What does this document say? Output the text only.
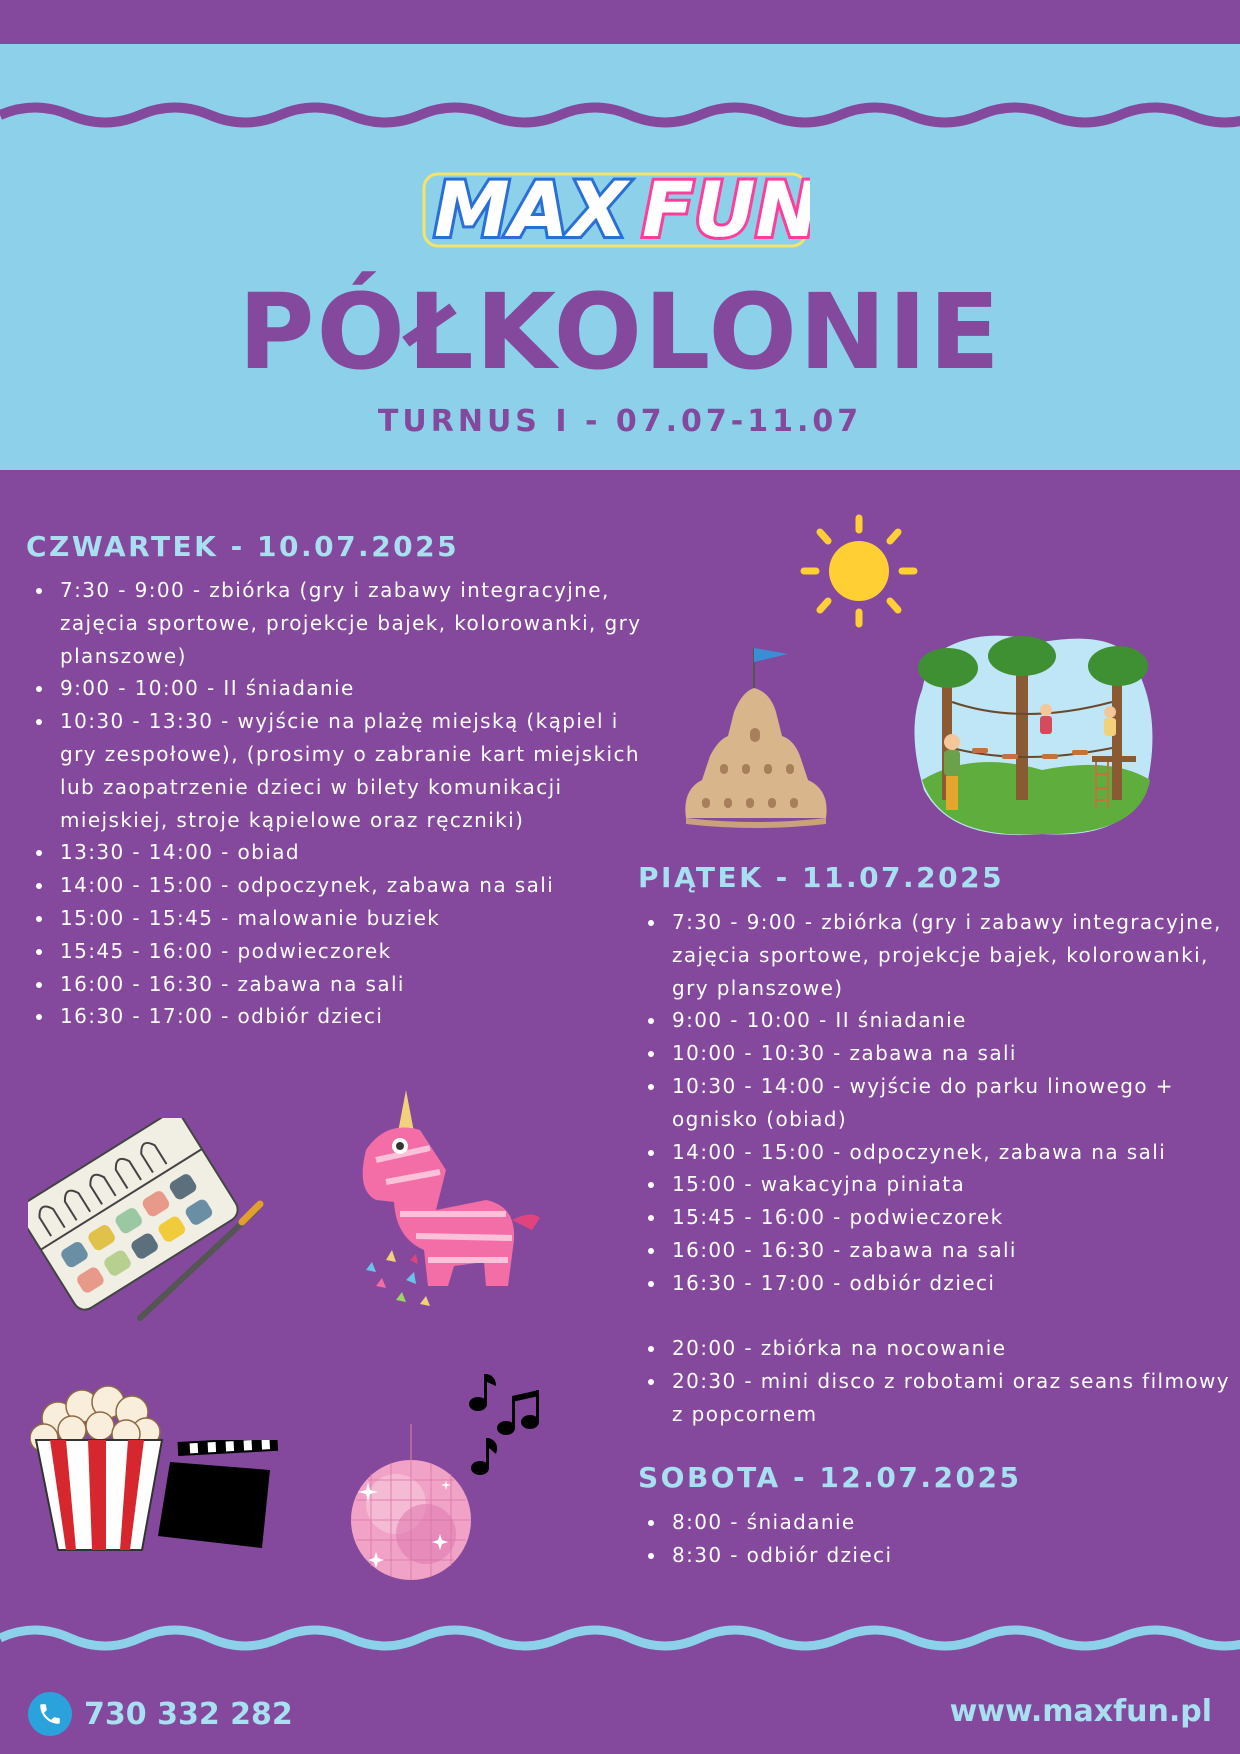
MAX FUN
PÓŁKOLONIE
TURNUS I - 07.07-11.07
CZWARTEK - 10.07.2025
7:30 - 9:00 - zbiórka (gry i zabawy integracyjne, zajęcia sportowe, projekcje bajek, kolorowanki, gry planszowe)
9:00 - 10:00 - II śniadanie
10:30 - 13:30 - wyjście na plażę miejską (kąpiel i gry zespołowe), (prosimy o zabranie kart miejskich lub zaopatrzenie dzieci w bilety komunikacji miejskiej, stroje kąpielowe oraz ręczniki)
13:30 - 14:00 - obiad
14:00 - 15:00 - odpoczynek, zabawa na sali
15:00 - 15:45 - malowanie buziek
15:45 - 16:00 - podwieczorek
16:00 - 16:30 - zabawa na sali
16:30 - 17:00 - odbiór dzieci
PIĄTEK - 11.07.2025
7:30 - 9:00 - zbiórka (gry i zabawy integracyjne, zajęcia sportowe, projekcje bajek, kolorowanki, gry planszowe)
9:00 - 10:00 - II śniadanie
10:00 - 10:30 - zabawa na sali
10:30 - 14:00 - wyjście do parku linowego + ognisko (obiad)
14:00 - 15:00 - odpoczynek, zabawa na sali
15:00 - wakacyjna piniata
15:45 - 16:00 - podwieczorek
16:00 - 16:30 - zabawa na sali
16:30 - 17:00 - odbiór dzieci
20:00 - zbiórka na nocowanie
20:30 - mini disco z robotami oraz seans filmowy z popcornem
SOBOTA - 12.07.2025
8:00 - śniadanie
8:30 - odbiór dzieci
730 332 282	www.maxfun.pl
